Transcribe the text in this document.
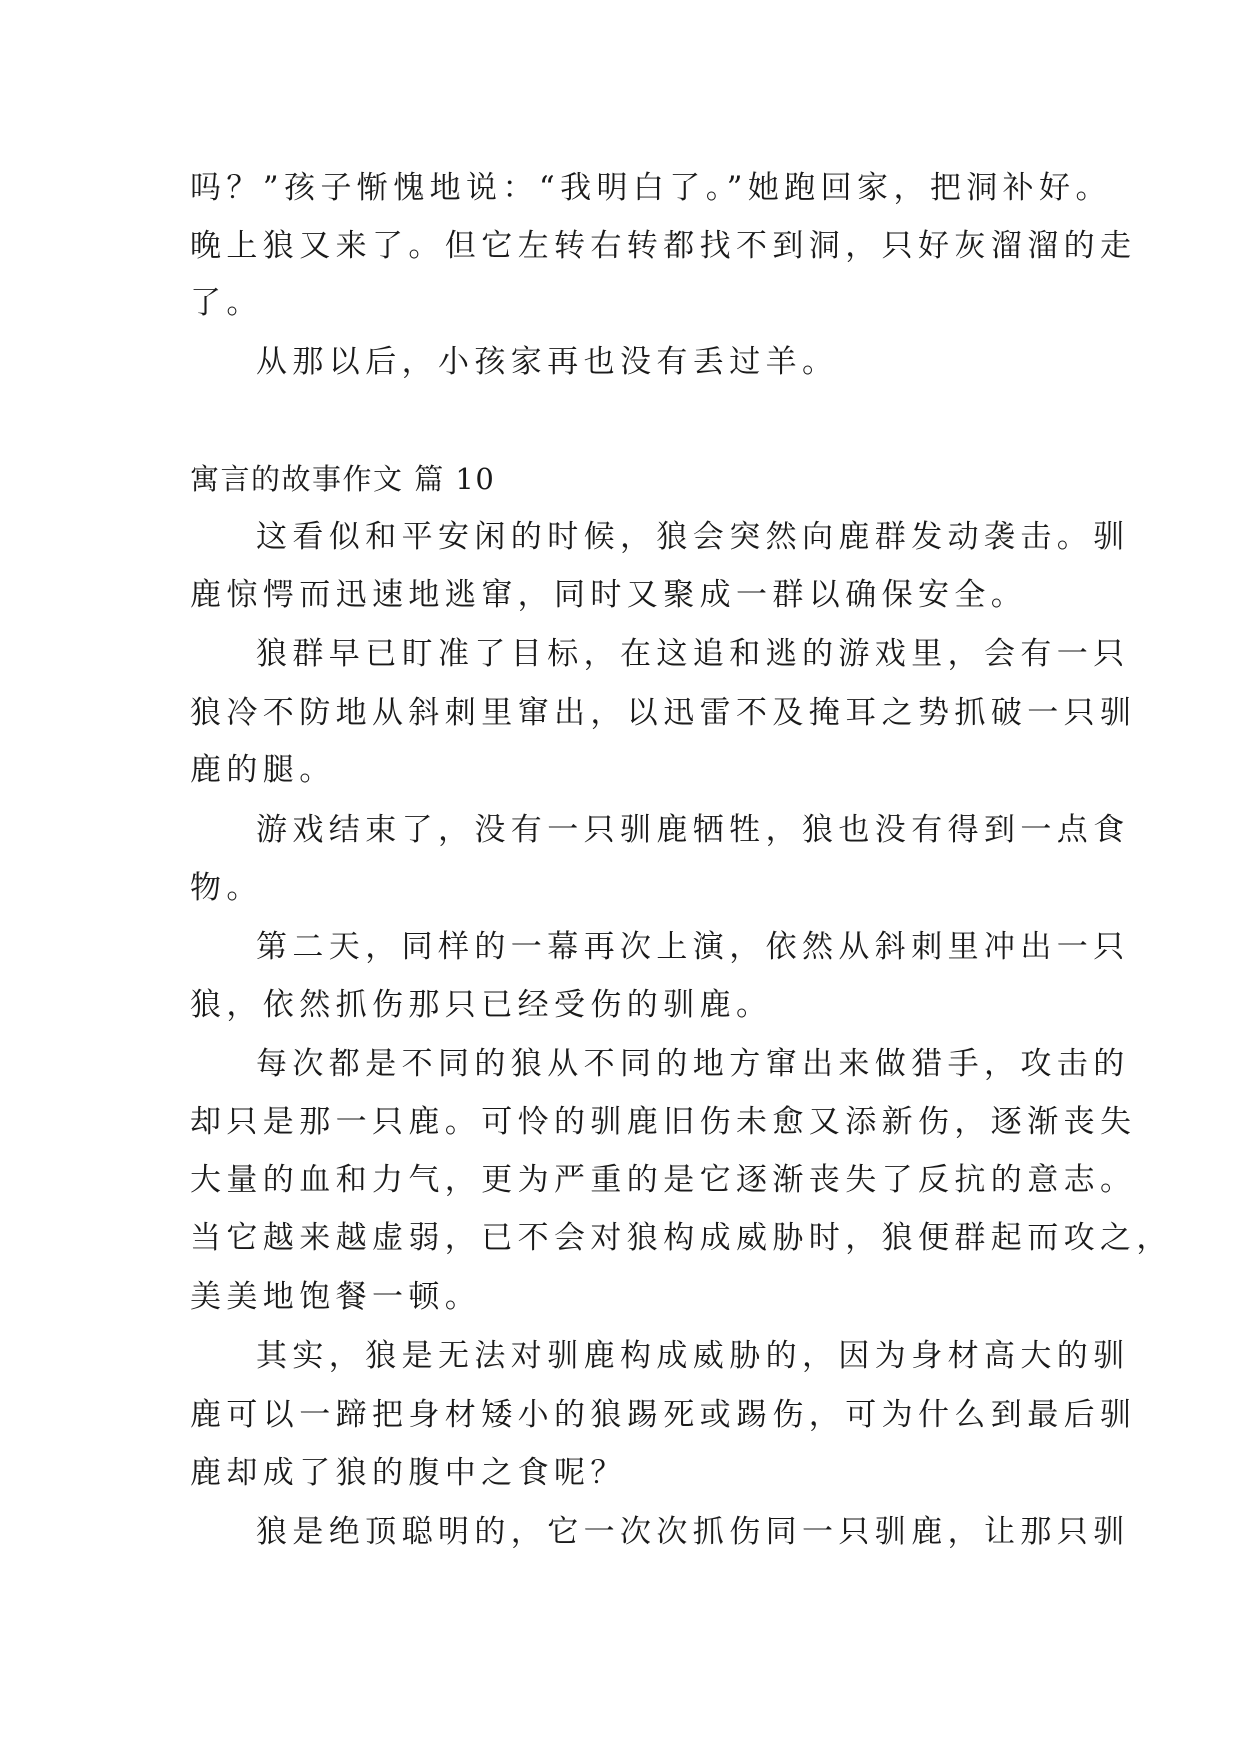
吗？”孩子惭愧地说：“我明白了。”她跑回家，把洞补好。
晚上狼又来了。但它左转右转都找不到洞，只好灰溜溜的走
了。
从那以后，小孩家再也没有丢过羊。
寓言的故事作文 篇 10
这看似和平安闲的时候，狼会突然向鹿群发动袭击。驯
鹿惊愕而迅速地逃窜，同时又聚成一群以确保安全。
狼群早已盯准了目标，在这追和逃的游戏里，会有一只
狼冷不防地从斜刺里窜出，以迅雷不及掩耳之势抓破一只驯
鹿的腿。
游戏结束了，没有一只驯鹿牺牲，狼也没有得到一点食
物。
第二天，同样的一幕再次上演，依然从斜刺里冲出一只
狼，依然抓伤那只已经受伤的驯鹿。
每次都是不同的狼从不同的地方窜出来做猎手，攻击的
却只是那一只鹿。可怜的驯鹿旧伤未愈又添新伤，逐渐丧失
大量的血和力气，更为严重的是它逐渐丧失了反抗的意志。
当它越来越虚弱，已不会对狼构成威胁时，狼便群起而攻之，
美美地饱餐一顿。
其实，狼是无法对驯鹿构成威胁的，因为身材高大的驯
鹿可以一蹄把身材矮小的狼踢死或踢伤，可为什么到最后驯
鹿却成了狼的腹中之食呢？
狼是绝顶聪明的，它一次次抓伤同一只驯鹿，让那只驯
